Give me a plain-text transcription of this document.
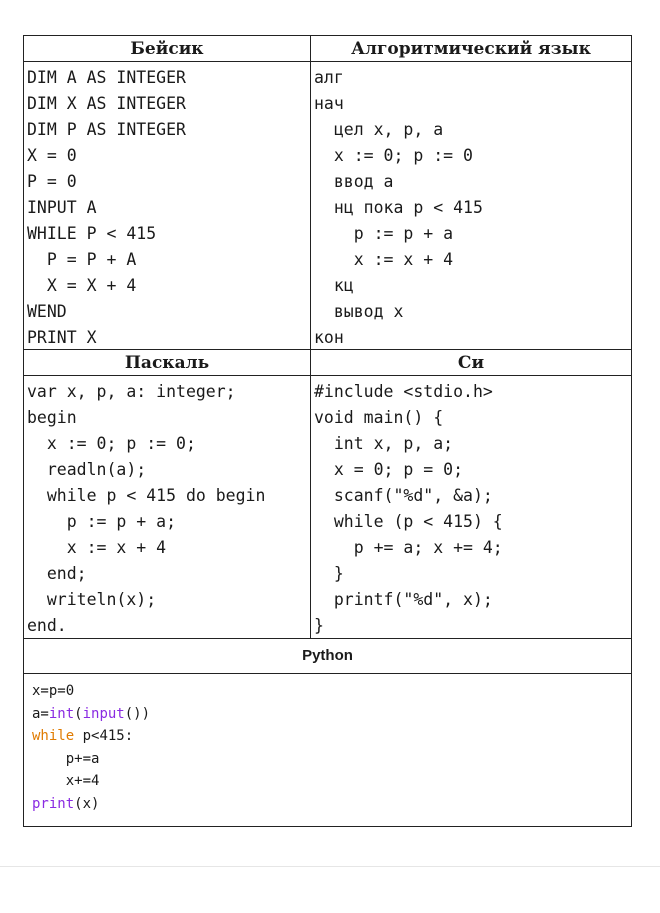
Бейсик	Алгоритмический язык
DIM A AS INTEGER
DIM X AS INTEGER
DIM P AS INTEGER
X = 0
P = 0
INPUT A
WHILE P < 415
P = P + A
X = X + 4
WEND
PRINT X
алг
нач
цел x, p, a
x := 0; p := 0
ввод a
нц пока p < 415
p := p + a
x := x + 4
кц
вывод x
кон
Паскаль	Си
var x, p, a: integer;
begin
x := 0; p := 0;
readln(a);
while p < 415 do begin
p := p + a;
x := x + 4
end;
writeln(x);
end.
#include <stdio.h>
void main() {
int x, p, a;
x = 0; p = 0;
scanf("%d", &a);
while (p < 415) {
p += a; x += 4;
}
printf("%d", x);
}
Python
x=p=0
a=int(input())
while p<415:
p+=a
x+=4
print(x)
